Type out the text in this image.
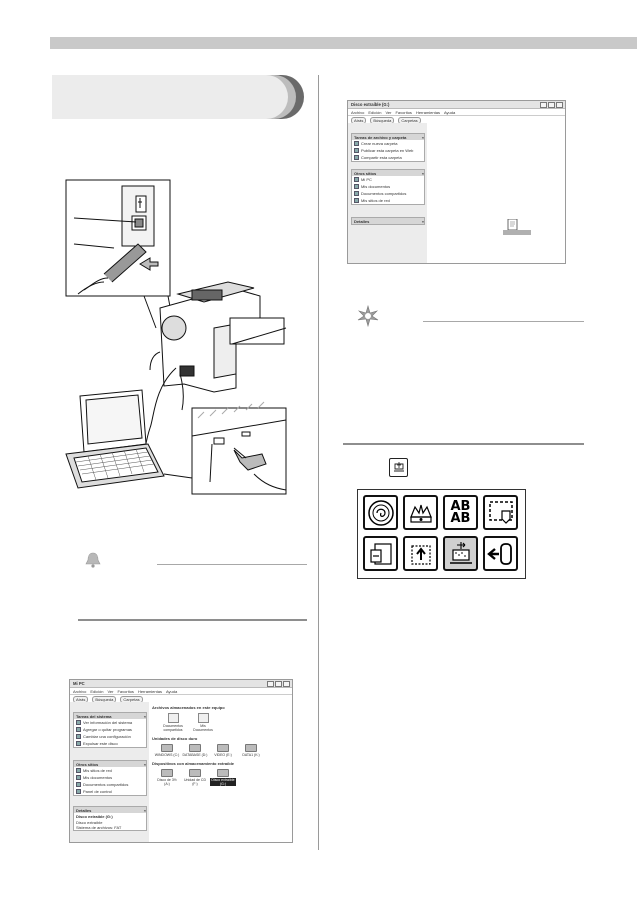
Mi PC
Archivo Edición Ver Favoritos Herramientas Ayuda
Atrás	Búsqueda	Carpetas
Tareas del sistema	«
Ver información del sistema
Agregar o quitar programas
Cambiar una configuración
Expulsar este disco
Otros sitios	«
Mis sitios de red
Mis documentos
Documentos compartidos
Panel de control
Detalles	«
Disco extraíble (G:)
Disco extraíble
Sistema de archivos: FAT
Archivos almacenados en este equipo
Documentos compartidos
Mis Documentos
Unidades de disco duro
WINDOWS (C:) DATABASE (D:) VIDEO (E:)	DATA1 (K:)
Dispositivos con almacenamiento extraíble
Disco de 3½ (A:)
Unidad de CD (F:)
Disco extraíble (G:)
Disco extraíble (G:)
Archivo Edición Ver Favoritos Herramientas Ayuda
Atrás	Búsqueda	Carpetas
Tareas de archivo y carpeta	«
Crear nueva carpeta
Publicar esta carpeta en Web
Compartir esta carpeta
Otros sitios	«
Mi PC
Mis documentos
Documentos compartidos
Mis sitios de red
Detalles	»
AB
AB
